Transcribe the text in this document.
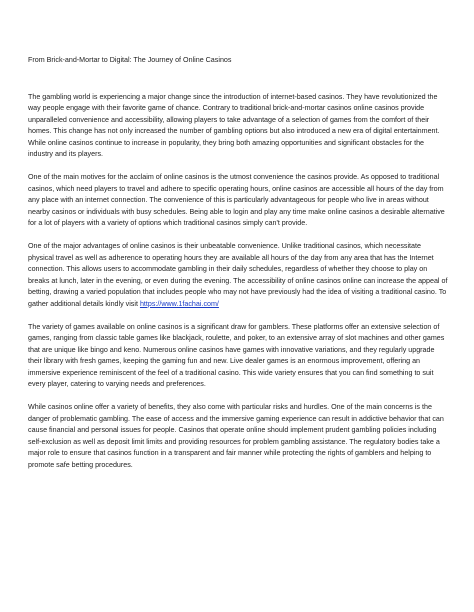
From Brick-and-Mortar to Digital: The Journey of Online Casinos

The gambling world is experiencing a major change since the introduction of internet-based casinos. They have revolutionized the way people engage with their favorite game of chance. Contrary to traditional brick-and-mortar casinos online casinos provide unparalleled convenience and accessibility, allowing players to take advantage of a selection of games from the comfort of their homes. This change has not only increased the number of gambling options but also introduced a new era of digital entertainment. While online casinos continue to increase in popularity, they bring both amazing opportunities and significant obstacles for the industry and its players.

One of the main motives for the acclaim of online casinos is the utmost convenience the casinos provide. As opposed to traditional casinos, which need players to travel and adhere to specific operating hours, online casinos are accessible all hours of the day from any place with an internet connection. The convenience of this is particularly advantageous for people who live in areas without nearby casinos or individuals with busy schedules. Being able to login and play any time make online casinos a desirable alternative for a lot of players with a variety of options which traditional casinos simply can't provide.

One of the major advantages of online casinos is their unbeatable convenience. Unlike traditional casinos, which necessitate physical travel as well as adherence to operating hours they are available all hours of the day from any area that has the Internet connection. This allows users to accommodate gambling in their daily schedules, regardless of whether they choose to play on breaks at lunch, later in the evening, or even during the evening. The accessibility of online casinos online can increase the appeal of betting, drawing a varied population that includes people who may not have previously had the idea of visiting a traditional casino. To gather additional details kindly visit https://www.1fachai.com/

The variety of games available on online casinos is a significant draw for gamblers. These platforms offer an extensive selection of games, ranging from classic table games like blackjack, roulette, and poker, to an extensive array of slot machines and other games that are unique like bingo and keno. Numerous online casinos have games with innovative variations, and they regularly upgrade their library with fresh games, keeping the gaming fun and new. Live dealer games is an enormous improvement, offering an immersive experience reminiscent of the feel of a traditional casino. This wide variety ensures that you can find something to suit every player, catering to varying needs and preferences.

While casinos online offer a variety of benefits, they also come with particular risks and hurdles. One of the main concerns is the danger of problematic gambling. The ease of access and the immersive gaming experience can result in addictive behavior that can cause financial and personal issues for people. Casinos that operate online should implement prudent gambling policies including self-exclusion as well as deposit limit limits and providing resources for problem gambling assistance. The regulatory bodies take a major role to ensure that casinos function in a transparent and fair manner while protecting the rights of gamblers and helping to promote safe betting procedures.
